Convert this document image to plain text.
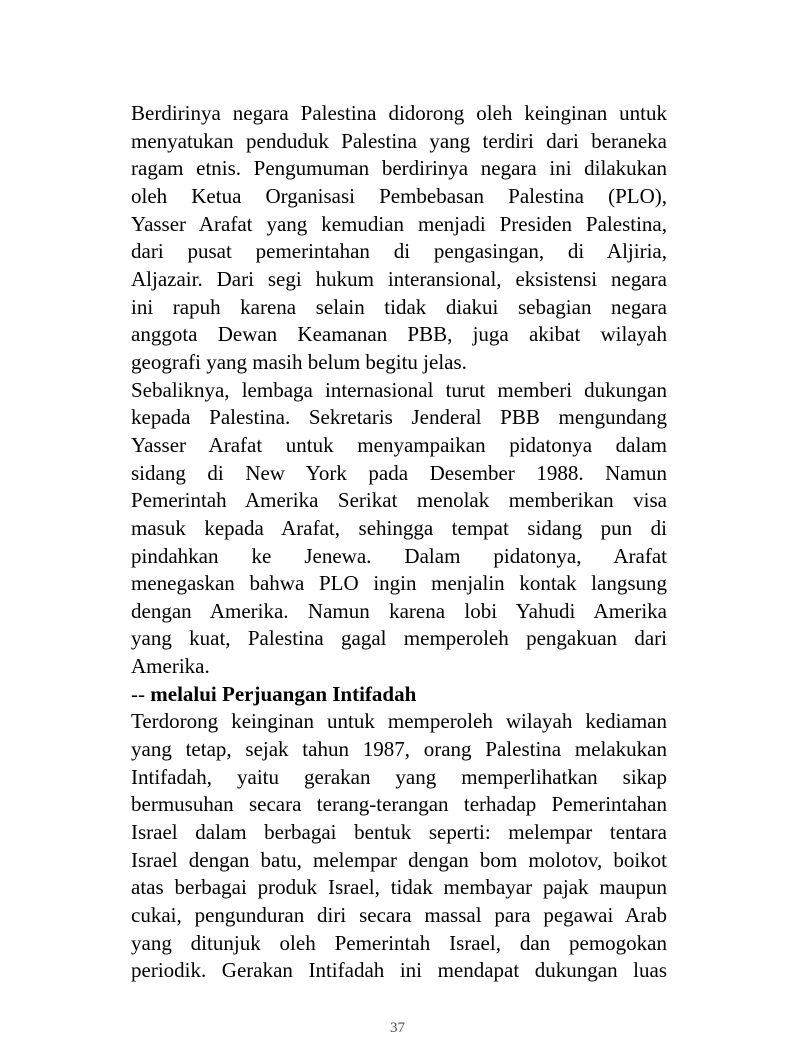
Berdirinya negara Palestina didorong oleh keinginan untuk
menyatukan penduduk Palestina yang terdiri dari beraneka
ragam etnis. Pengumuman berdirinya negara ini dilakukan
oleh Ketua Organisasi Pembebasan Palestina (PLO),
Yasser Arafat yang kemudian menjadi Presiden Palestina,
dari pusat pemerintahan di pengasingan, di Aljiria,
Aljazair. Dari segi hukum interansional, eksistensi negara
ini rapuh karena selain tidak diakui sebagian negara
anggota Dewan Keamanan PBB, juga akibat wilayah
geografi yang masih belum begitu jelas.
Sebaliknya, lembaga internasional turut memberi dukungan
kepada Palestina. Sekretaris Jenderal PBB mengundang
Yasser Arafat untuk menyampaikan pidatonya dalam
sidang di New York pada Desember 1988. Namun
Pemerintah Amerika Serikat menolak memberikan visa
masuk kepada Arafat, sehingga tempat sidang pun di
pindahkan ke Jenewa. Dalam pidatonya, Arafat
menegaskan bahwa PLO ingin menjalin kontak langsung
dengan Amerika. Namun karena lobi Yahudi Amerika
yang kuat, Palestina gagal memperoleh pengakuan dari
Amerika.
-- melalui Perjuangan Intifadah
Terdorong keinginan untuk memperoleh wilayah kediaman
yang tetap, sejak tahun 1987, orang Palestina melakukan
Intifadah, yaitu gerakan yang memperlihatkan sikap
bermusuhan secara terang-terangan terhadap Pemerintahan
Israel dalam berbagai bentuk seperti: melempar tentara
Israel dengan batu, melempar dengan bom molotov, boikot
atas berbagai produk Israel, tidak membayar pajak maupun
cukai, pengunduran diri secara massal para pegawai Arab
yang ditunjuk oleh Pemerintah Israel, dan pemogokan
periodik. Gerakan Intifadah ini mendapat dukungan luas
37
